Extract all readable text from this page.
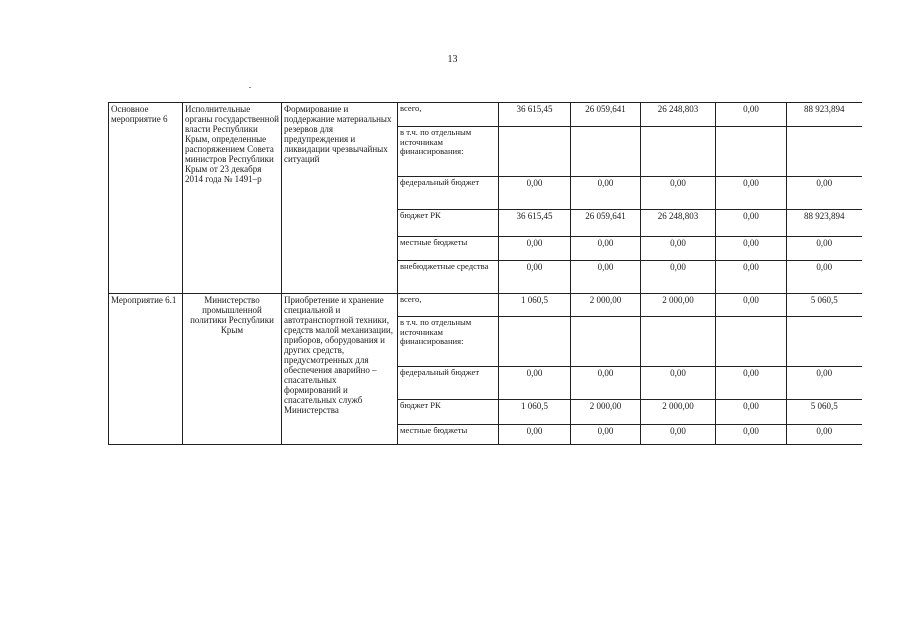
13
Основное мероприятие 6	Исполнительные органы государственной власти Республики Крым, определенные распоряжением Совета министров Республики Крым от 23 декабря 2014 года № 1491–р	Формирование и поддержание материальных резервов для предупреждения и ликвидации чрезвычайных ситуаций	всего,	36 615,45	26 059,641	26 248,803	0,00	88 923,894
			в т.ч. по отдельным источникам финансирования:					
			федеральный бюджет	0,00	0,00	0,00	0,00	0,00
			бюджет РК	36 615,45	26 059,641	26 248,803	0,00	88 923,894
			местные бюджеты	0,00	0,00	0,00	0,00	0,00
			внебюджетные средства	0,00	0,00	0,00	0,00	0,00
Мероприятие 6.1	Министерство промышленной политики Республики Крым	Приобретение и хранение специальной и автотранспортной техники, средств малой механизации, приборов, оборудования и других средств, предусмотренных для обеспечения аварийно – спасательных формирований и спасательных служб Министерства	всего,	1 060,5	2 000,00	2 000,00	0,00	5 060,5
			в т.ч. по отдельным источникам финансирования:					
			федеральный бюджет	0,00	0,00	0,00	0,00	0,00
			бюджет РК	1 060,5	2 000,00	2 000,00	0,00	5 060,5
			местные бюджеты	0,00	0,00	0,00	0,00	0,00
